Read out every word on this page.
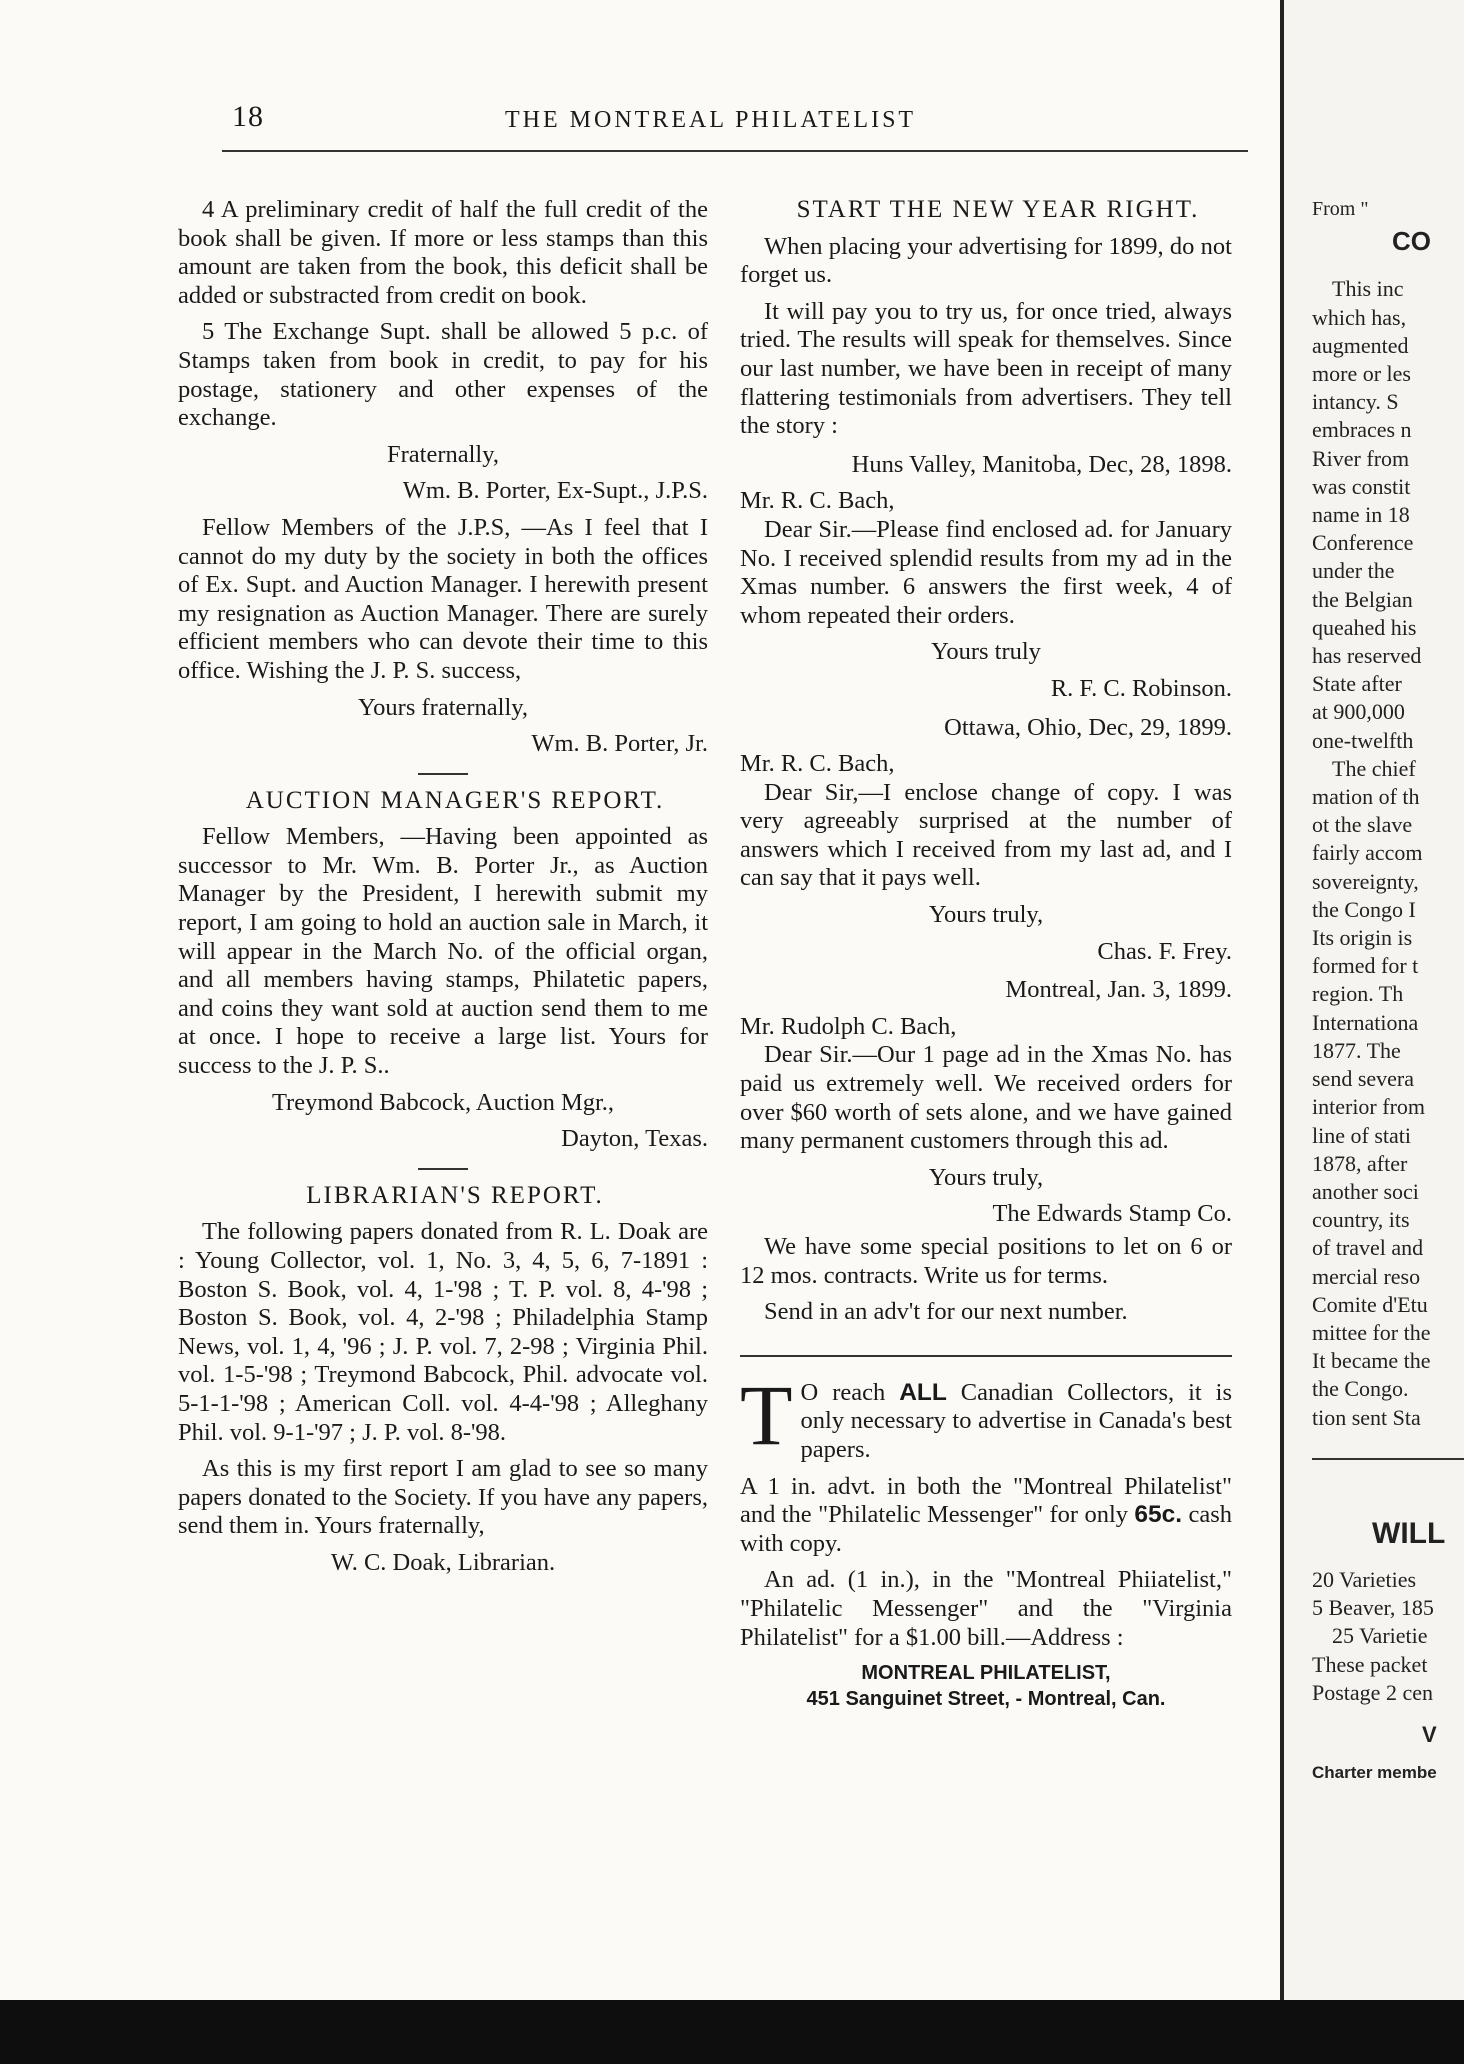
18	THE MONTREAL PHILATELIST

4 A preliminary credit of half the full credit of the book shall be given. If more or less stamps than this amount are taken from the book, this deficit shall be added or substracted from credit on book.

5 The Exchange Supt. shall be allowed 5 p.c. of Stamps taken from book in credit, to pay for his postage, stationery and other expenses of the exchange.

Fraternally,

Wm. B. Porter, Ex-Supt., J.P.S.

Fellow Members of the J.P.S, —As I feel that I cannot do my duty by the society in both the offices of Ex. Supt. and Auction Manager. I herewith present my resignation as Auction Manager. There are surely efficient members who can devote their time to this office. Wishing the J. P. S. success,

Yours fraternally,

Wm. B. Porter, Jr.

AUCTION MANAGER'S REPORT.

Fellow Members, —Having been appointed as successor to Mr. Wm. B. Porter Jr., as Auction Manager by the President, I herewith submit my report, I am going to hold an auction sale in March, it will appear in the March No. of the official organ, and all members having stamps, Philatetic papers, and coins they want sold at auction send them to me at once. I hope to receive a large list. Yours for success to the J. P. S..

Treymond Babcock, Auction Mgr.,

Dayton, Texas.

LIBRARIAN'S REPORT.

The following papers donated from R. L. Doak are : Young Collector, vol. 1, No. 3, 4, 5, 6, 7-1891 : Boston S. Book, vol. 4, 1-'98 ; T. P. vol. 8, 4-'98 ; Boston S. Book, vol. 4, 2-'98 ; Philadelphia Stamp News, vol. 1, 4, '96 ; J. P. vol. 7, 2-98 ; Virginia Phil. vol. 1-5-'98 ; Treymond Babcock, Phil. advocate vol. 5-1-1-'98 ; American Coll. vol. 4-4-'98 ; Alleghany Phil. vol. 9-1-'97 ; J. P. vol. 8-'98.

As this is my first report I am glad to see so many papers donated to the Society. If you have any papers, send them in. Yours fraternally,

W. C. Doak, Librarian.

START THE NEW YEAR RIGHT.

When placing your advertising for 1899, do not forget us.

It will pay you to try us, for once tried, always tried. The results will speak for themselves. Since our last number, we have been in receipt of many flattering testimonials from advertisers. They tell the story :

Huns Valley, Manitoba, Dec, 28, 1898.

Mr. R. C. Bach,

Dear Sir.—Please find enclosed ad. for January No. I received splendid results from my ad in the Xmas number. 6 answers the first week, 4 of whom repeated their orders.

Yours truly

R. F. C. Robinson.

Ottawa, Ohio, Dec, 29, 1899.

Mr. R. C. Bach,

Dear Sir,—I enclose change of copy. I was very agreeably surprised at the number of answers which I received from my last ad, and I can say that it pays well.

Yours truly,

Chas. F. Frey.

Montreal, Jan. 3, 1899.

Mr. Rudolph C. Bach,

Dear Sir.—Our 1 page ad in the Xmas No. has paid us extremely well. We received orders for over $60 worth of sets alone, and we have gained many permanent customers through this ad.

Yours truly,

The Edwards Stamp Co.

We have some special positions to let on 6 or 12 mos. contracts. Write us for terms.

Send in an adv't for our next number.

T O reach ALL Canadian Collectors, it is only necessary to advertise in Canada's best papers.

A 1 in. advt. in both the "Montreal Philatelist" and the "Philatelic Messenger" for only 65c. cash with copy.

An ad. (1 in.), in the "Montreal Phiiatelist," "Philatelic Messenger" and the "Virginia Philatelist" for a $1.00 bill.—Address :

MONTREAL PHILATELIST,

451 Sanguinet Street, - Montreal, Can.

From "

CO

This inc

which has,

augmented

more or les

intancy. S

embraces n

River from

was constit

name in 18

Conference

under the

the Belgian

queahed his

has reserved

State after

at 900,000

one-twelfth

The chief

mation of th

ot the slave

fairly accom

sovereignty,

the Congo I

Its origin is

formed for t

region. Th

Internationa

1877. The

send severa

interior from

line of stati

1878, after

another soci

country, its

of travel and

mercial reso

Comite d'Etu

mittee for the

It became the

the Congo.

tion sent Sta

WILL

20 Varieties

5 Beaver, 185

25 Varietie

These packet

Postage 2 cen

V

Charter membe
